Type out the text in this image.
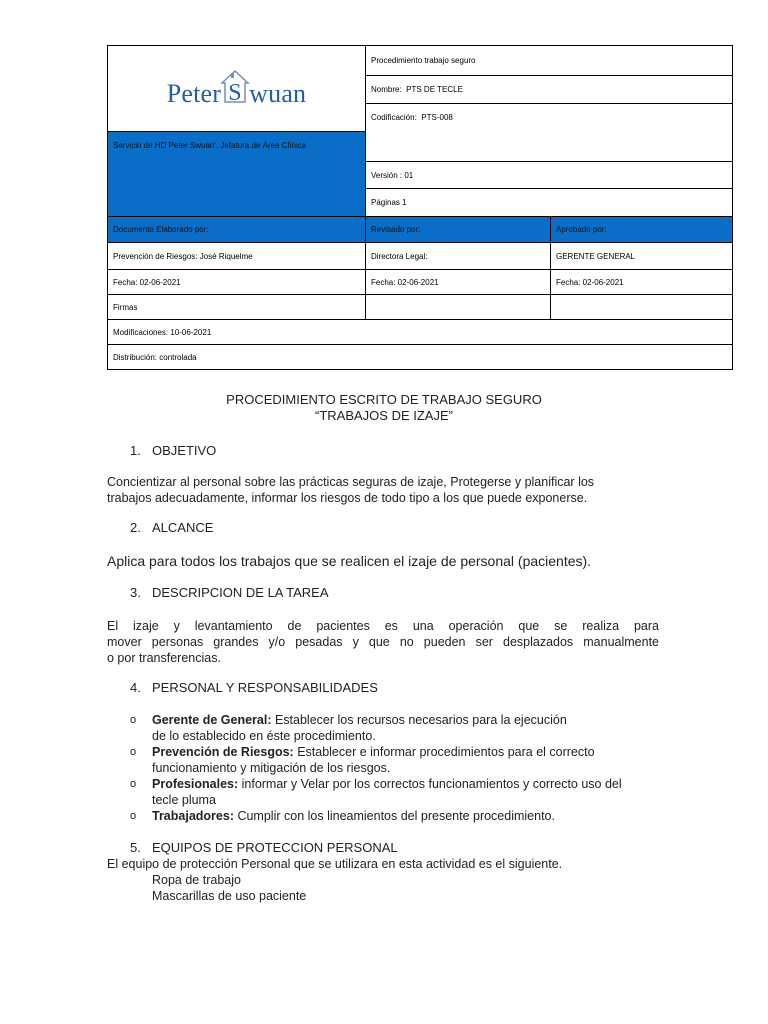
Peter S wuan	Procedimiento trabajo seguro	
	Nombre: PTS DE TECLE	
	Codificación: PTS-008	
Servicio de HD Peter Swuan', Jefatura de Área Clínica		
	Versión : 01	
	Páginas 1	
Documento Elaborado por:	Revisado por:	Aprobado por:
Prevención de Riesgos: José Riquelme	Directora Legal:	GERENTE GENERAL
Fecha: 02-06-2021	Fecha: 02-06-2021	Fecha: 02-06-2021
Firmas		
Modificaciones: 10-06-2021		
Distribución: controlada		
PROCEDIMIENTO ESCRITO DE TRABAJO SEGURO
“TRABAJOS DE IZAJE”
1. OBJETIVO
Concientizar al personal sobre las prácticas seguras de izaje, Protegerse y planificar los
trabajos adecuadamente, informar los riesgos de todo tipo a los que puede exponerse.
2. ALCANCE
Aplica para todos los trabajos que se realicen el izaje de personal (pacientes).
3. DESCRIPCION DE LA TAREA
El izaje y levantamiento de pacientes es una operación que se realiza para
mover personas grandes y/o pesadas y que no pueden ser desplazados manualmente
o por transferencias.
4. PERSONAL Y RESPONSABILIDADES
o Gerente de General: Establecer los recursos necesarios para la ejecución
de lo establecido en éste procedimiento.
o Prevención de Riesgos: Establecer e informar procedimientos para el correcto
funcionamiento y mitigación de los riesgos.
o Profesionales: informar y Velar por los correctos funcionamientos y correcto uso del
tecle pluma
o Trabajadores: Cumplir con los lineamientos del presente procedimiento.
5. EQUIPOS DE PROTECCION PERSONAL
El equipo de protección Personal que se utilizara en esta actividad es el siguiente.
Ropa de trabajo
Mascarillas de uso paciente
